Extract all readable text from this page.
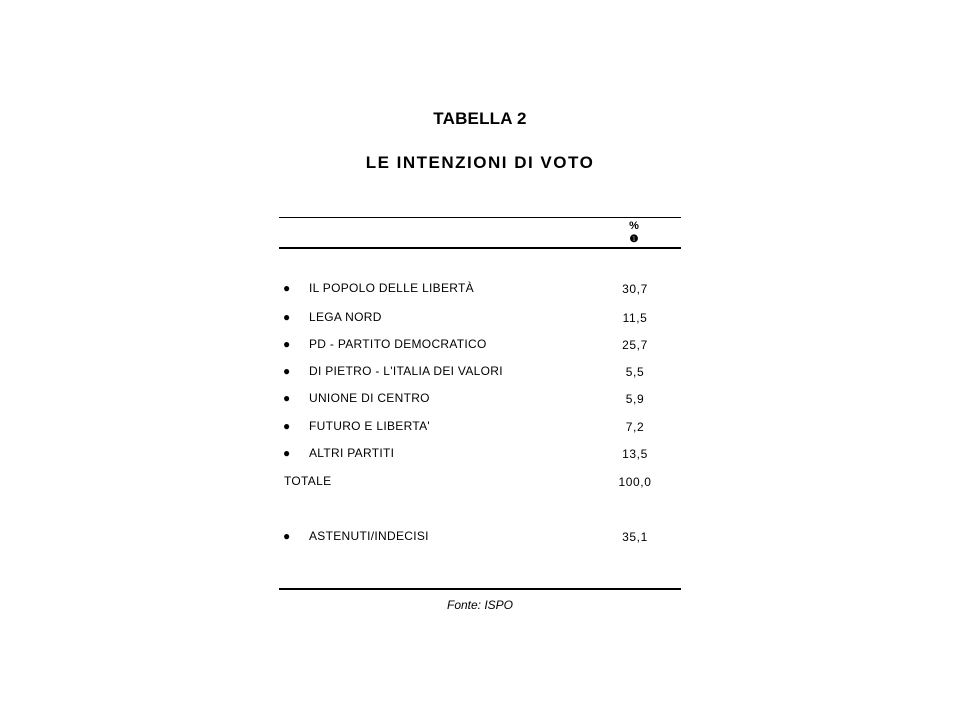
TABELLA 2
LE INTENZIONI DI VOTO
%
❶
● IL POPOLO DELLE LIBERTÀ	30,7
● LEGA NORD	11,5
● PD - PARTITO DEMOCRATICO	25,7
● DI PIETRO - L'ITALIA DEI VALORI	5,5
● UNIONE DI CENTRO	5,9
● FUTURO E LIBERTA'	7,2
● ALTRI PARTITI	13,5
TOTALE	100,0
● ASTENUTI/INDECISI	35,1
Fonte: ISPO
